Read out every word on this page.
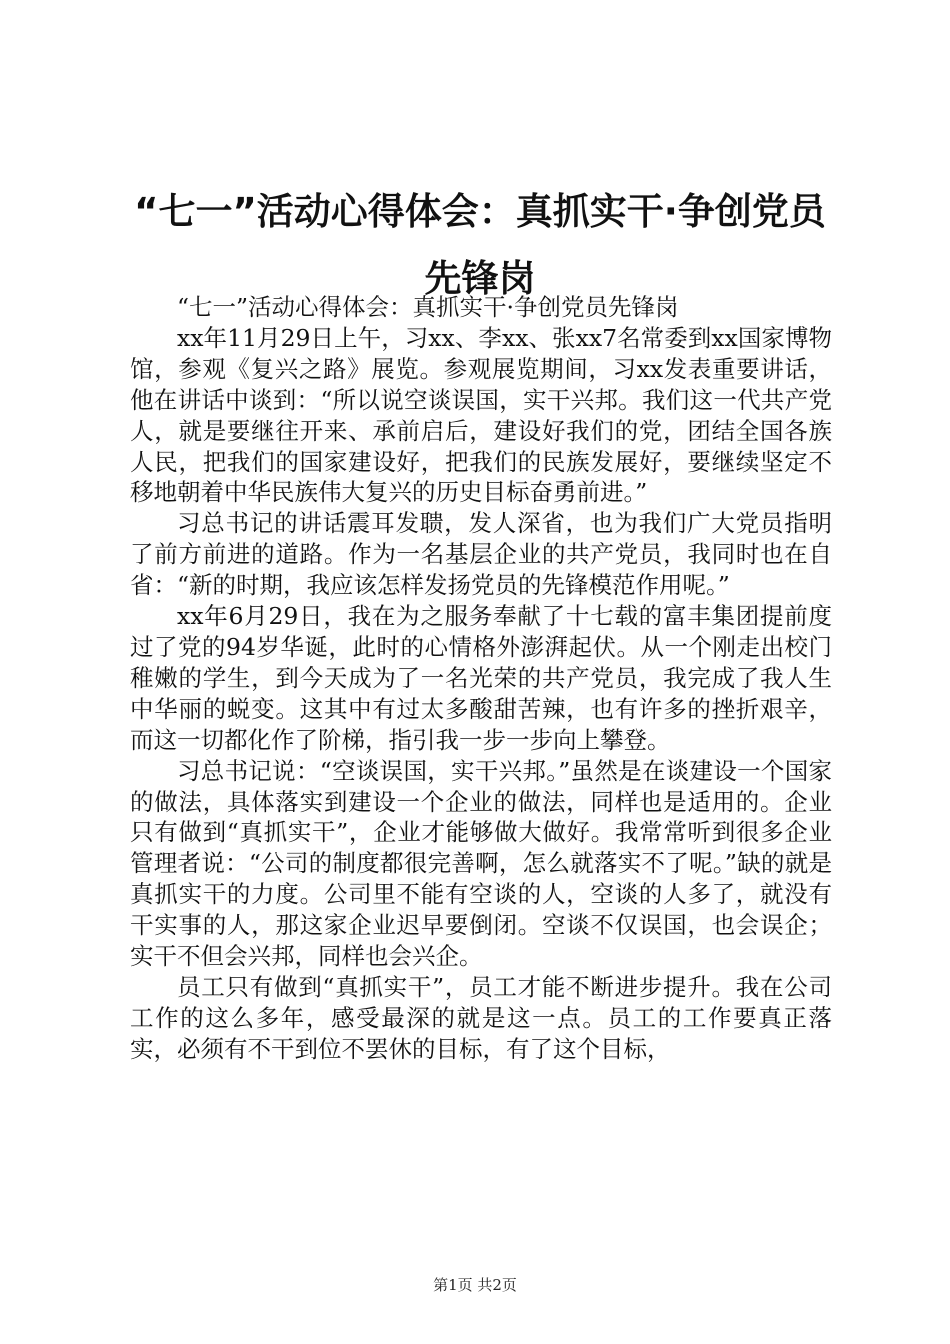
“七一”活动心得体会：真抓实干·争创党员
先锋岗

“七一”活动心得体会：真抓实干·争创党员先锋岗

xx年11月29日上午，习xx、李xx、张xx7名常委到xx国家博物馆，参观《复兴之路》展览。参观展览期间，习xx发表重要讲话，他在讲话中谈到：“所以说空谈误国，实干兴邦。我们这一代共产党人，就是要继往开来、承前启后，建设好我们的党，团结全国各族人民，把我们的国家建设好，把我们的民族发展好，要继续坚定不移地朝着中华民族伟大复兴的历史目标奋勇前进。”

习总书记的讲话震耳发聩，发人深省，也为我们广大党员指明了前方前进的道路。作为一名基层企业的共产党员，我同时也在自省：“新的时期，我应该怎样发扬党员的先锋模范作用呢。”

xx年6月29日，我在为之服务奉献了十七载的富丰集团提前度过了党的94岁华诞，此时的心情格外澎湃起伏。从一个刚走出校门稚嫩的学生，到今天成为了一名光荣的共产党员，我完成了我人生中华丽的蜕变。这其中有过太多酸甜苦辣，也有许多的挫折艰辛，而这一切都化作了阶梯，指引我一步一步向上攀登。

习总书记说：“空谈误国，实干兴邦。”虽然是在谈建设一个国家的做法，具体落实到建设一个企业的做法，同样也是适用的。企业只有做到“真抓实干”，企业才能够做大做好。我常常听到很多企业管理者说：“公司的制度都很完善啊，怎么就落实不了呢。”缺的就是真抓实干的力度。公司里不能有空谈的人，空谈的人多了，就没有干实事的人，那这家企业迟早要倒闭。空谈不仅误国，也会误企；实干不但会兴邦，同样也会兴企。

员工只有做到“真抓实干”，员工才能不断进步提升。我在公司工作的这么多年，感受最深的就是这一点。员工的工作要真正落实，必须有不干到位不罢休的目标，有了这个目标，

第1页 共2页
